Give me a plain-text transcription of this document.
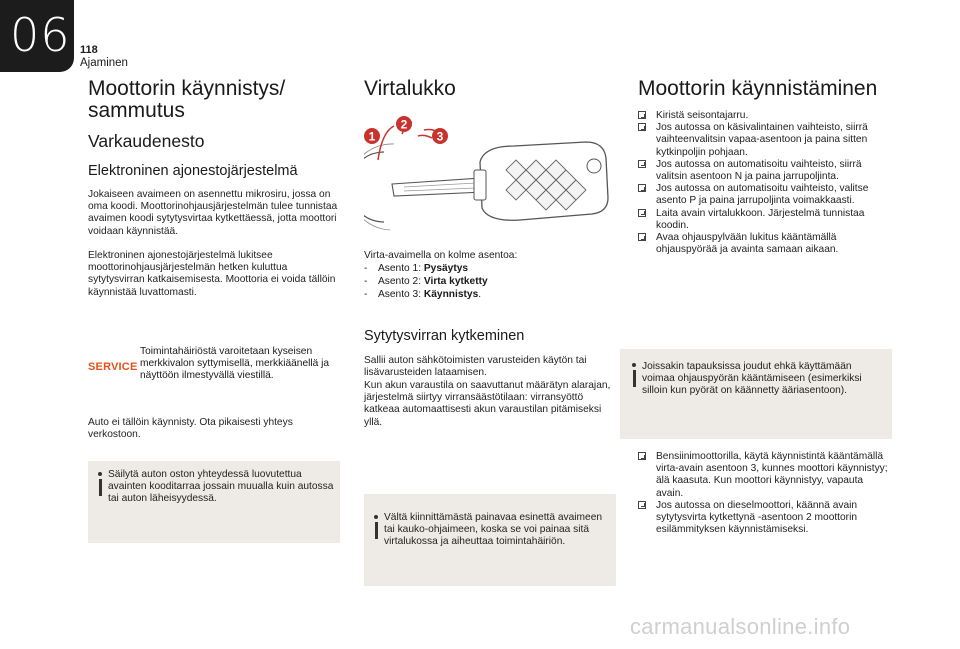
06 118
Ajaminen
Moottorin käynnistys/ sammutus
Varkaudenesto
Elektroninen ajonestojärjestelmä
Jokaiseen avaimeen on asennettu mikrosiru, jossa on oma koodi. Moottorinohjausjärjestelmän tulee tunnistaa avaimen koodi sytytysvirtaa kytkettäessä, jotta moottori voidaan käynnistää.
Elektroninen ajonestojärjestelmä lukitsee moottorinohjausjärjestelmän hetken kuluttua sytytysvirran katkaisemisesta. Moottoria ei voida tällöin käynnistää luvattomasti.
SERVICE
Toimintahäiriöstä varoitetaan kyseisen merkkivalon syttymisellä, merkkiäänellä ja näyttöön ilmestyvällä viestillä.
Auto ei tällöin käynnisty. Ota pikaisesti yhteys verkostoon.
Säilytä auton oston yhteydessä luovutettua avainten kooditarraa jossain muualla kuin autossa tai auton läheisyydessä.
Virtalukko
1
2
3
Virta-avaimella on kolme asentoa:
- Asento 1: Pysäytys
- Asento 2: Virta kytketty
- Asento 3: Käynnistys.
Sytytysvirran kytkeminen
Sallii auton sähkötoimisten varusteiden käytön tai lisävarusteiden lataamisen.
Kun akun varaustila on saavuttanut määrätyn alarajan, järjestelmä siirtyy virransäästötilaan: virransyöttö katkeaa automaattisesti akun varaustilan pitämiseksi yllä.
Vältä kiinnittämästä painavaa esinettä avaimeen tai kauko-ohjaimeen, koska se voi painaa sitä virtalukossa ja aiheuttaa toimintahäiriön.
Moottorin käynnistäminen
Kiristä seisontajarru.
Jos autossa on käsivalintainen vaihteisto, siirrä vaihteenvalitsin vapaa-asentoon ja paina sitten kytkinpoljin pohjaan.
Jos autossa on automatisoitu vaihteisto, siirrä valitsin asentoon N ja paina jarrupoljinta.
Jos autossa on automatisoitu vaihteisto, valitse asento P ja paina jarrupoljinta voimakkaasti.
Laita avain virtalukkoon. Järjestelmä tunnistaa koodin.
Avaa ohjauspylvään lukitus kääntämällä ohjauspyörää ja avainta samaan aikaan.
Joissakin tapauksissa joudut ehkä käyttämään voimaa ohjauspyörän kääntämiseen (esimerkiksi silloin kun pyörät on käännetty ääriasentoon).
Bensiinimoottorilla, käytä käynnistintä kääntämällä virta-avain asentoon 3, kunnes moottori käynnistyy; älä kaasuta. Kun moottori käynnistyy, vapauta avain.
Jos autossa on dieselmoottori, käännä avain sytytysvirta kytkettynä -asentoon 2 moottorin esilämmityksen käynnistämiseksi.
carmanualsonline.info
